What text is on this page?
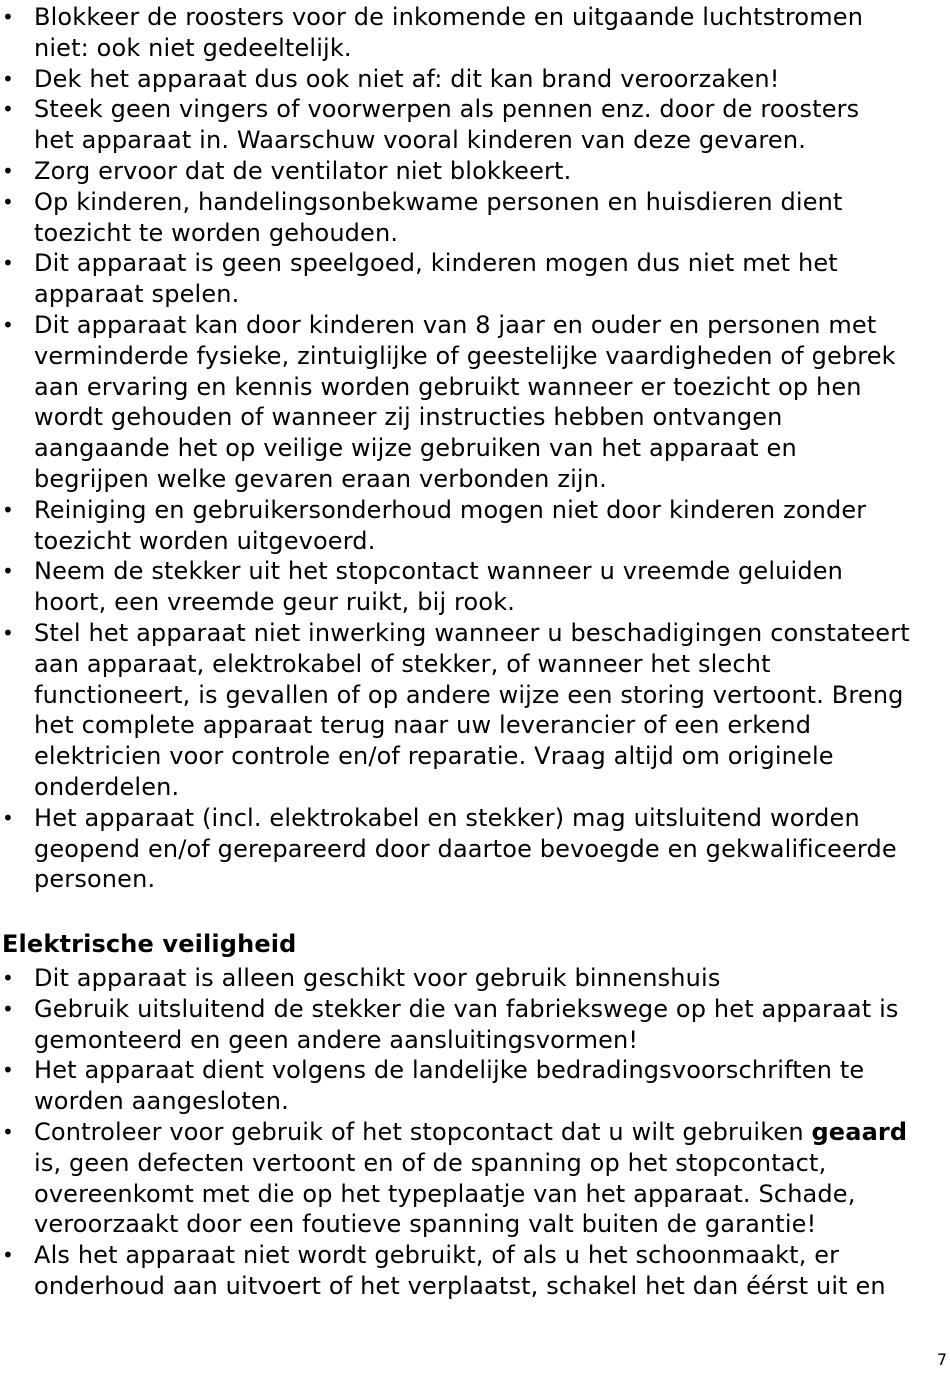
• Blokkeer de roosters voor de inkomende en uitgaande luchtstromen
niet: ook niet gedeeltelijk.
• Dek het apparaat dus ook niet af: dit kan brand veroorzaken!
• Steek geen vingers of voorwerpen als pennen enz. door de roosters
het apparaat in. Waarschuw vooral kinderen van deze gevaren.
• Zorg ervoor dat de ventilator niet blokkeert.
• Op kinderen, handelingsonbekwame personen en huisdieren dient
toezicht te worden gehouden.
• Dit apparaat is geen speelgoed, kinderen mogen dus niet met het
apparaat spelen.
• Dit apparaat kan door kinderen van 8 jaar en ouder en personen met
verminderde fysieke, zintuiglijke of geestelijke vaardigheden of gebrek
aan ervaring en kennis worden gebruikt wanneer er toezicht op hen
wordt gehouden of wanneer zij instructies hebben ontvangen
aangaande het op veilige wijze gebruiken van het apparaat en
begrijpen welke gevaren eraan verbonden zijn.
• Reiniging en gebruikersonderhoud mogen niet door kinderen zonder
toezicht worden uitgevoerd.
• Neem de stekker uit het stopcontact wanneer u vreemde geluiden
hoort, een vreemde geur ruikt, bij rook.
• Stel het apparaat niet inwerking wanneer u beschadigingen constateert
aan apparaat, elektrokabel of stekker, of wanneer het slecht
functioneert, is gevallen of op andere wijze een storing vertoont. Breng
het complete apparaat terug naar uw leverancier of een erkend
elektricien voor controle en/of reparatie. Vraag altijd om originele
onderdelen.
• Het apparaat (incl. elektrokabel en stekker) mag uitsluitend worden
geopend en/of gerepareerd door daartoe bevoegde en gekwalificeerde
personen.
Elektrische veiligheid
• Dit apparaat is alleen geschikt voor gebruik binnenshuis
• Gebruik uitsluitend de stekker die van fabriekswege op het apparaat is
gemonteerd en geen andere aansluitingsvormen!
• Het apparaat dient volgens de landelijke bedradingsvoorschriften te
worden aangesloten.
• Controleer voor gebruik of het stopcontact dat u wilt gebruiken geaard
is, geen defecten vertoont en of de spanning op het stopcontact,
overeenkomt met die op het typeplaatje van het apparaat. Schade,
veroorzaakt door een foutieve spanning valt buiten de garantie!
• Als het apparaat niet wordt gebruikt, of als u het schoonmaakt, er
onderhoud aan uitvoert of het verplaatst, schakel het dan éérst uit en
7
